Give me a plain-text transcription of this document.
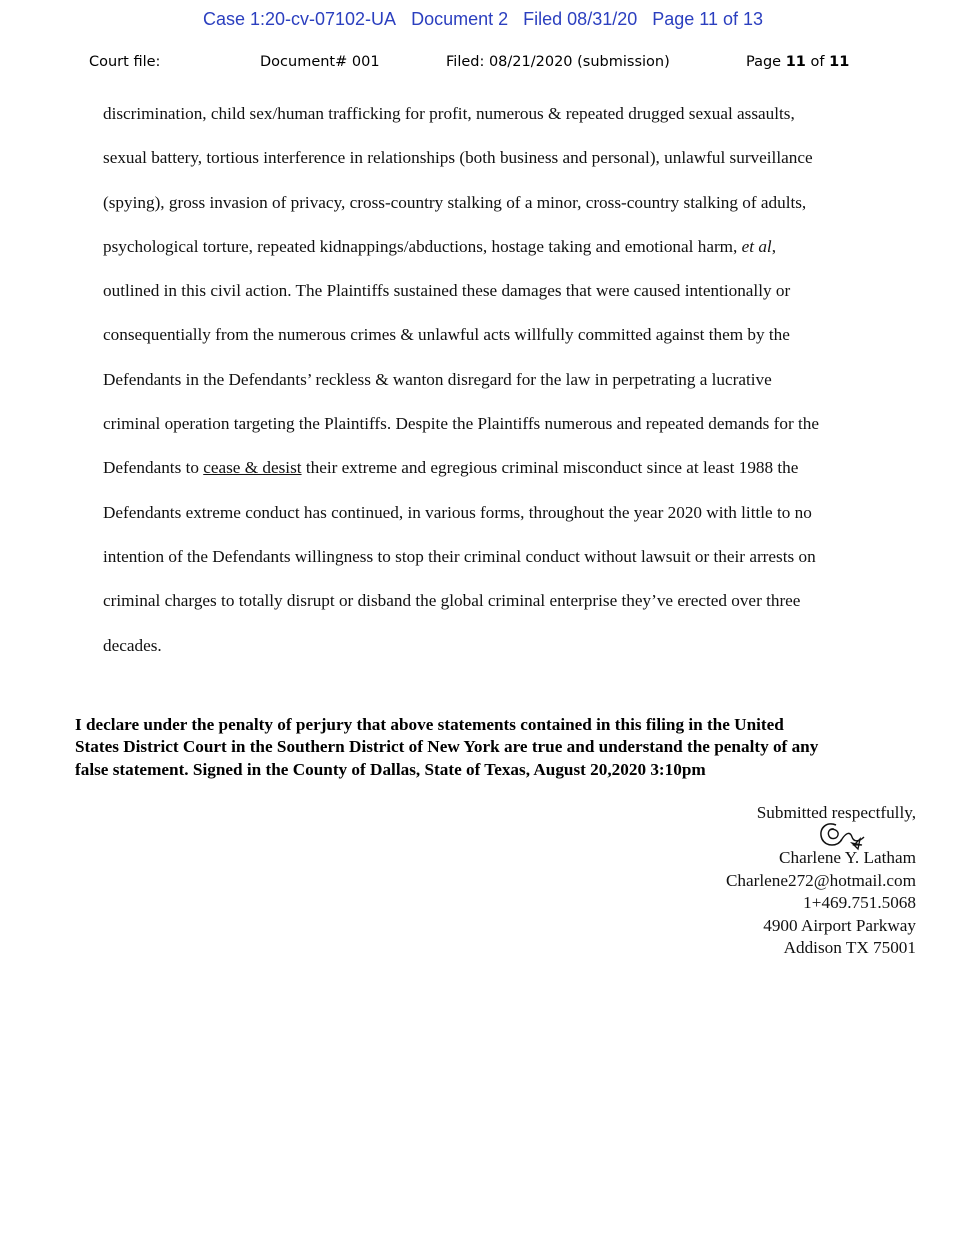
Case 1:20-cv-07102-UA Document 2 Filed 08/31/20 Page 11 of 13
Court file:	Document# 001	Filed: 08/21/2020 (submission)	Page 11 of 11
discrimination, child sex/human trafficking for profit, numerous & repeated drugged sexual assaults,
sexual battery, tortious interference in relationships (both business and personal), unlawful surveillance
(spying), gross invasion of privacy, cross-country stalking of a minor, cross-country stalking of adults,
psychological torture, repeated kidnappings/abductions, hostage taking and emotional harm, et al,
outlined in this civil action. The Plaintiffs sustained these damages that were caused intentionally or
consequentially from the numerous crimes & unlawful acts willfully committed against them by the
Defendants in the Defendants’ reckless & wanton disregard for the law in perpetrating a lucrative
criminal operation targeting the Plaintiffs. Despite the Plaintiffs numerous and repeated demands for the
Defendants to cease & desist their extreme and egregious criminal misconduct since at least 1988 the
Defendants extreme conduct has continued, in various forms, throughout the year 2020 with little to no
intention of the Defendants willingness to stop their criminal conduct without lawsuit or their arrests on
criminal charges to totally disrupt or disband the global criminal enterprise they’ve erected over three
decades.
I declare under the penalty of perjury that above statements contained in this filing in the United
States District Court in the Southern District of New York are true and understand the penalty of any
false statement. Signed in the County of Dallas, State of Texas, August 20,2020 3:10pm
Submitted respectfully,
Charlene Y. Latham
Charlene272@hotmail.com
1+469.751.5068
4900 Airport Parkway
Addison TX 75001
